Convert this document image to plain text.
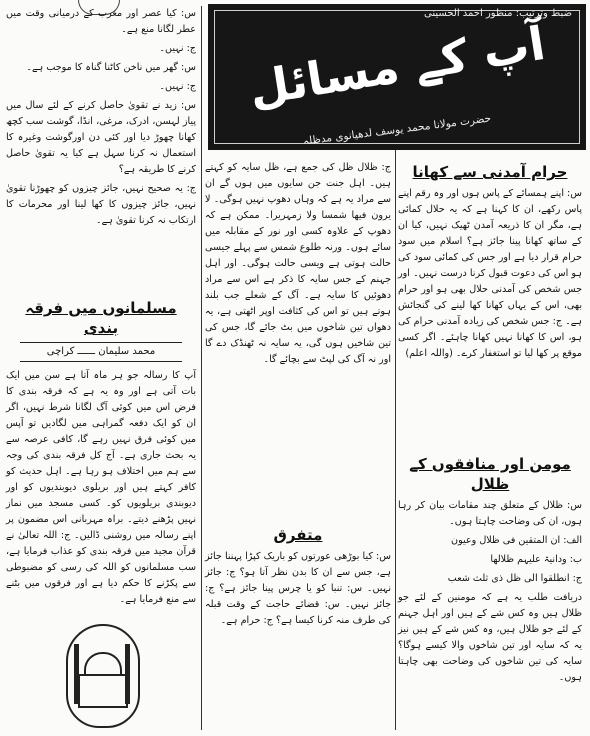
ضبط وترتیب: منظور احمد الحسینی
آپ کے مسائل
حضرت مولانا محمد یوسف لدھیانوی مدظلہ

س: کیا عصر اور مغرب کے درمیانی وقت میں عطر لگانا منع ہے۔

ج: نہیں۔

س: گھر میں ناخن کاٹنا گناہ کا موجب ہے۔

ج: نہیں۔

س: زید نے تقویٰ حاصل کرنے کے لئے سال میں پیاز لہسن، ادرک، مرغی، انڈا، گوشت سب کچھ کھانا چھوڑ دیا اور کئی دن اورگوشت وغیرہ کا استعمال نہ کرنا سہل ہے کیا یہ تقویٰ حاصل کرنے کا طریقہ ہے؟

ج: یہ صحیح نہیں، جائز چیزوں کو چھوڑنا تقویٰ نہیں، جائز چیزوں کا کھا لینا اور محرمات کا ارتکاب نہ کرنا تقویٰ ہے۔

مسلمانوں میں فرقہ بندی
محمد سلیمان ــــــ کراچی

آپ کا رسالہ جو ہر ماہ آتا ہے سن میں ایک بات آتی ہے اور وہ یہ ہے کہ فرقہ بندی کا فرض اس میں کوئی آگ لگانا شرط نہیں، اگر ان کو ایک دفعہ گمراہی میں لگادیں تو آپس میں کوئی فرق نہیں رہے گا، کافی عرصہ سے یہ بحث جاری ہے۔ آج کل فرقہ بندی کی وجہ سے ہم میں اختلاف ہو رہا ہے۔ اہل حدیث کو کافر کہتے ہیں اور بریلوی دیوبندیوں کو اور دیوبندی بریلویوں کو۔ کسی مسجد میں نماز نہیں پڑھنے دیتے۔ براہ مہربانی اس مضمون پر اپنے رسالہ میں روشنی ڈالیں۔ ج: اللہ تعالیٰ نے قرآن مجید میں فرقہ بندی کو عذاب فرمایا ہے، سب مسلمانوں کو اللہ کی رسی کو مضبوطی سے پکڑنے کا حکم دیا ہے اور فرقوں میں بٹنے سے منع فرمایا ہے۔

حرام آمدنی سے کھانا

س: اپنے ہمسائے کے پاس ہوں اور وہ رقم اپنے پاس رکھے، ان کا کہنا ہے کہ یہ حلال کمائی ہے، مگر ان کا ذریعہ آمدن ٹھیک نہیں، کیا ان کے ساتھ کھانا پینا جائز ہے؟ اسلام میں سود حرام قرار دیا ہے اور جس کی کمائی سود کی ہو اس کی دعوت قبول کرنا درست نہیں۔ اور جس شخص کی آمدنی حلال بھی ہو اور حرام بھی، اس کے یہاں کھانا کھا لینے کی گنجائش ہے۔ ج: جس شخص کی زیادہ آمدنی حرام کی ہو، اس کا کھانا نہیں کھانا چاہئے۔ اگر کسی موقع پر کھا لیا تو استغفار کرے۔ (واللہ اعلم)

مومن اور منافقوں کے ظلال

س: ظلال کے متعلق چند مقامات بیان کر رہا ہوں، ان کی وضاحت چاہتا ہوں۔

الف: ان المتقین فی ظلال وعیون

ب: ودانیۃ علیہم ظلالھا

ج: انطلقوا الی ظل ذی ثلث شعب

دریافت طلب یہ ہے کہ مومنین کے لئے جو ظلال ہیں وہ کس شے کے ہیں اور اہل جہنم کے لئے جو ظلال ہیں، وہ کس شے کے ہیں نیز یہ کہ سایہ اور تین شاخوں والا کیسے ہوگا؟ سایہ کی تین شاخوں کی وضاحت بھی چاہتا ہوں۔

ج: ظلال ظل کی جمع ہے، ظل سایہ کو کہتے ہیں۔ اہل جنت جن سایوں میں ہوں گے ان سے مراد یہ ہے کہ وہاں دھوپ نہیں ہوگی۔ لا یرون فیھا شمسا ولا زمہریرا۔ ممکن ہے کہ دھوپ کے علاوہ کسی اور نور کے مقابلہ میں سائے ہوں۔ ورنہ طلوع شمس سے پہلے جیسی حالت ہوتی ہے ویسی حالت ہوگی۔ اور اہل جہنم کے جس سایہ کا ذکر ہے اس سے مراد دھوئیں کا سایہ ہے۔ آگ کے شعلے جب بلند ہوتے ہیں تو اس کی کثافت اوپر اٹھتی ہے، یہ دھواں تین شاخوں میں بٹ جائے گا، جس کی تین شاخیں ہوں گی، یہ سایہ نہ ٹھنڈک دے گا اور نہ آگ کی لپٹ سے بچائے گا۔

متفرق

س: کیا بوڑھی عورتوں کو باریک کپڑا پہننا جائز ہے، جس سے ان کا بدن نظر آتا ہو؟ ج: جائز نہیں۔ س: تنبا کو یا چرس پینا جائز ہے؟ ج: جائز نہیں۔ س: قضائے حاجت کے وقت قبلہ کی طرف منہ کرنا کیسا ہے؟ ج: حرام ہے۔
